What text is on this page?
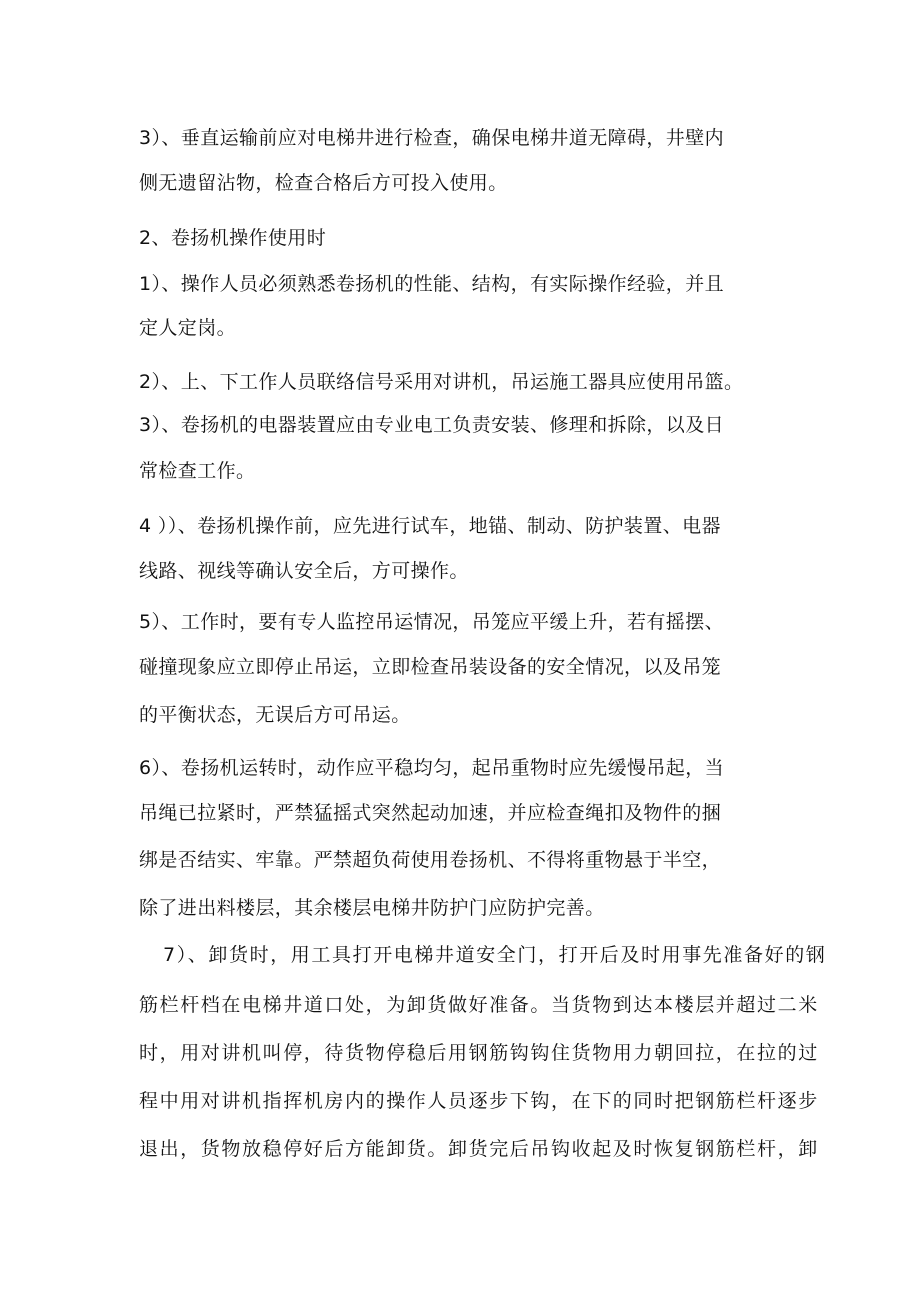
3）、垂直运输前应对电梯井进行检查，确保电梯井道无障碍，井壁内

侧无遗留沾物，检查合格后方可投入使用。

2、卷扬机操作使用时

1）、操作人员必须熟悉卷扬机的性能、结构，有实际操作经验，并且

定人定岗。

2）、上、下工作人员联络信号采用对讲机，吊运施工器具应使用吊篮。

3）、卷扬机的电器装置应由专业电工负责安装、修理和拆除，以及日

常检查工作。

4 ））、卷扬机操作前，应先进行试车，地锚、制动、防护装置、电器

线路、视线等确认安全后，方可操作。

5）、工作时，要有专人监控吊运情况，吊笼应平缓上升，若有摇摆、

碰撞现象应立即停止吊运，立即检查吊装设备的安全情况，以及吊笼

的平衡状态，无误后方可吊运。

6）、卷扬机运转时，动作应平稳均匀，起吊重物时应先缓慢吊起，当

吊绳已拉紧时，严禁猛摇式突然起动加速，并应检查绳扣及物件的捆

绑是否结实、牢靠。严禁超负荷使用卷扬机、不得将重物悬于半空，

除了进出料楼层，其余楼层电梯井防护门应防护完善。

7）、卸货时，用工具打开电梯井道安全门，打开后及时用事先准备好的钢

筋栏杆档在电梯井道口处，为卸货做好准备。当货物到达本楼层并超过二米

时，用对讲机叫停，待货物停稳后用钢筋钩钩住货物用力朝回拉，在拉的过

程中用对讲机指挥机房内的操作人员逐步下钩，在下的同时把钢筋栏杆逐步

退出，货物放稳停好后方能卸货。卸货完后吊钩收起及时恢复钢筋栏杆，卸
